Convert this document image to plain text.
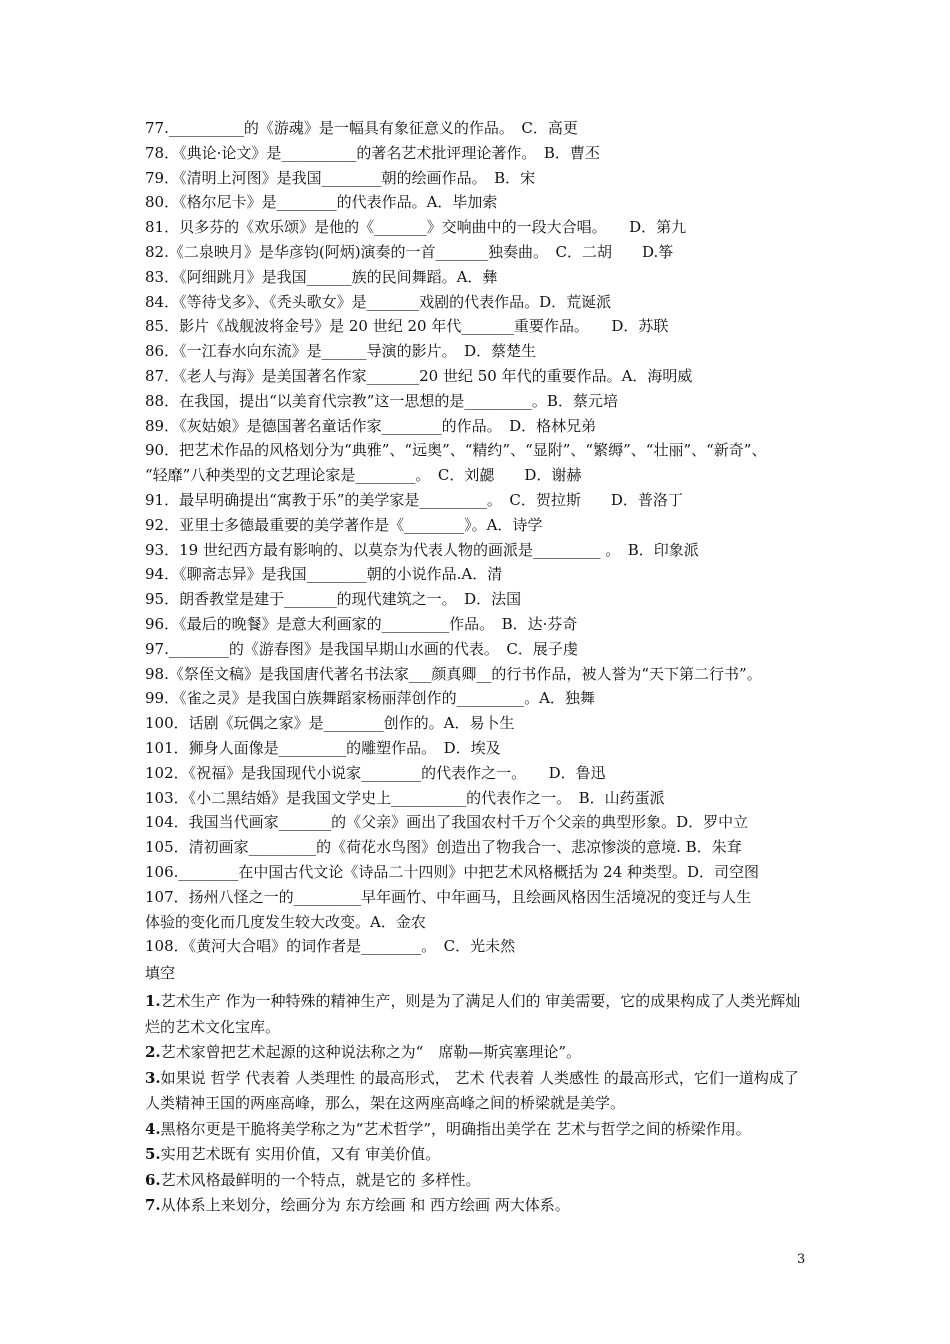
77.__________的《游魂》是一幅具有象征意义的作品。　C．高更
78．《典论·论文》是__________的著名艺术批评理论著作。　B．曹丕
79．《清明上河图》是我国________朝的绘画作品。　B．宋
80．《格尔尼卡》是________的代表作品。A．毕加索
81．贝多芬的《欢乐颂》是他的《_______》交响曲中的一段大合唱。　　D．第九
82.《二泉映月》是华彦钧(阿炳)演奏的一首_______独奏曲。　C．二胡　　D.筝
83．《阿细跳月》是我国______族的民间舞蹈。A．彝
84．《等待戈多》、《秃头歌女》是_______戏剧的代表作品。D．荒诞派
85．影片《战舰波将金号》是 20 世纪 20 年代_______重要作品。　　D．苏联
86．《一江春水向东流》是______导演的影片。　D．蔡楚生
87．《老人与海》是美国著名作家_______20 世纪 50 年代的重要作品。A．海明威
88．在我国，提出“以美育代宗教”这一思想的是_________。B．蔡元培
89．《灰姑娘》是德国著名童话作家________的作品。　D．格林兄弟
90．把艺术作品的风格划分为“典雅”、“远奥”、“精约”、“显附”、“繁缛”、“壮丽”、“新奇”、
“轻靡”八种类型的文艺理论家是________。　C．刘勰　　D．谢赫
91．最早明确提出“寓教于乐”的美学家是_________。　C．贺拉斯　　D．普洛丁
92．亚里士多德最重要的美学著作是《________》。A．诗学
93．19 世纪西方最有影响的、以莫奈为代表人物的画派是_________ 。　B．印象派
94．《聊斋志异》是我国________朝的小说作品.A．清
95．朗香教堂是建于_______的现代建筑之一。　D．法国
96．《最后的晚餐》是意大利画家的_________作品。　B．达·芬奇
97.________的《游春图》是我国早期山水画的代表。　C．展子虔
98.《祭侄文稿》是我国唐代著名书法家___颜真卿__的行书作品，被人誉为“天下第二行书”。
99．《雀之灵》是我国白族舞蹈家杨丽萍创作的_________。A．独舞
100．话剧《玩偶之家》是________创作的。A．易卜生
101．狮身人面像是_________的雕塑作品。　D．埃及
102．《祝福》是我国现代小说家________的代表作之一。　　D．鲁迅
103．《小二黑结婚》是我国文学史上__________的代表作之一。　B．山药蛋派
104．我国当代画家_______的《父亲》画出了我国农村千万个父亲的典型形象。D．罗中立
105．清初画家_________的《荷花水鸟图》创造出了物我合一、悲凉惨淡的意境. B．朱耷
106.________在中国古代文论《诗品二十四则》中把艺术风格概括为 24 种类型。D．司空图
107．扬州八怪之一的_________早年画竹、中年画马，且绘画风格因生活境况的变迁与人生
体验的变化而几度发生较大改变。A．金农
108．《黄河大合唱》的词作者是________。　C．光未然
填空
1.艺术生产 作为一种特殊的精神生产，则是为了满足人们的 审美需要，它的成果构成了人类光辉灿烂的艺术文化宝库。
2.艺术家曾把艺术起源的这种说法称之为“　席勒—斯宾塞理论”。
3.如果说 哲学 代表着 人类理性 的最高形式， 艺术 代表着 人类感性 的最高形式，它们一道构成了人类精神王国的两座高峰，那么，架在这两座高峰之间的桥梁就是美学。
4.黑格尔更是干脆将美学称之为“艺术哲学”，明确指出美学在 艺术与哲学之间的桥梁作用。
5.实用艺术既有 实用价值，又有 审美价值。
6.艺术风格最鲜明的一个特点，就是它的 多样性。
7.从体系上来划分，绘画分为 东方绘画 和 西方绘画 两大体系。
3
